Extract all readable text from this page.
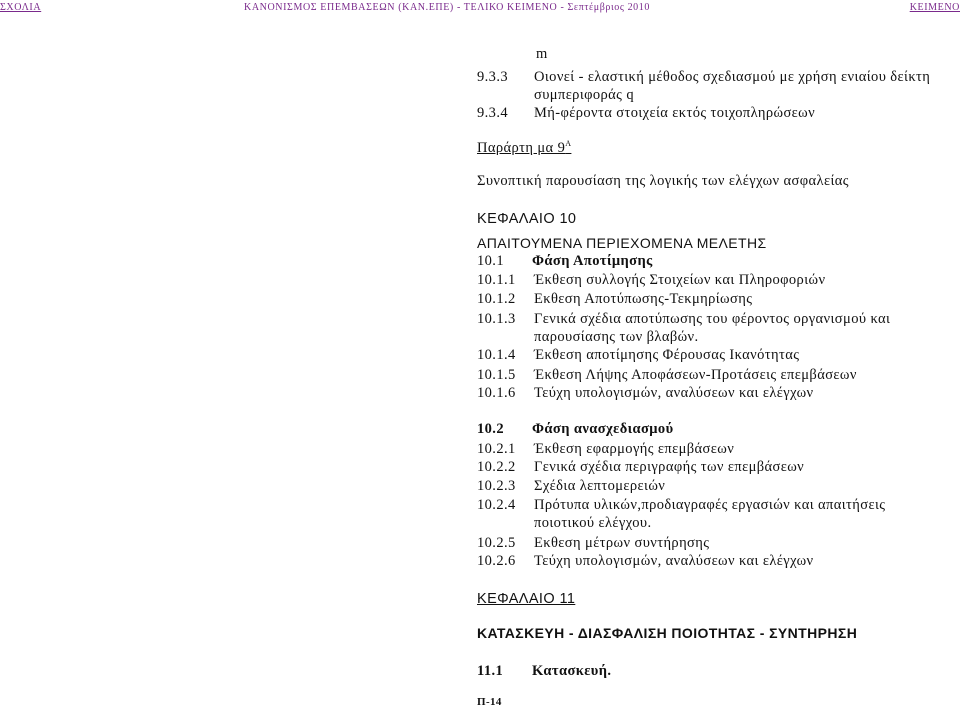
ΣΧΟΛΙΑ	ΚΑΝΟΝΙΣΜΟΣ ΕΠΕΜΒΑΣΕΩΝ (ΚΑΝ.ΕΠΕ) - ΤΕΛΙΚΟ ΚΕΙΜΕΝΟ - Σεπτέμβριος 2010	ΚΕΙΜΕΝΟ
m
9.3.3 Οιονεί - ελαστική μέθοδος σχεδιασμού με χρήση ενιαίου δείκτη
συμπεριφοράς q
9.3.4 Μή-φέροντα στοιχεία εκτός τοιχοπληρώσεων
Παράρτη μα $9^A$
Συνοπτική παρουσίαση της λογικής των ελέγχων ασφαλείας
ΚΕΦΑΛΑΙΟ 10
ΑΠΑΙΤΟΥΜΕΝΑ ΠΕΡΙΕΧΟΜΕΝΑ ΜΕΛΕΤΗΣ
10.1 Φάση Αποτίμησης
10.1.1 Έκθεση συλλογής Στοιχείων και Πληροφοριών
10.1.2 Εκθεση Αποτύπωσης-Τεκμηρίωσης
10.1.3 Γενικά σχέδια αποτύπωσης του φέροντος οργανισμού και
παρουσίασης των βλαβών.
10.1.4 Έκθεση αποτίμησης Φέρουσας Ικανότητας
10.1.5 Έκθεση Λήψης Αποφάσεων-Προτάσεις επεμβάσεων
10.1.6 Τεύχη υπολογισμών, αναλύσεων και ελέγχων
10.2 Φάση ανασχεδιασμού
10.2.1 Έκθεση εφαρμογής επεμβάσεων
10.2.2 Γενικά σχέδια περιγραφής των επεμβάσεων
10.2.3 Σχέδια λεπτομερειών
10.2.4 Πρότυπα υλικών,προδιαγραφές εργασιών και απαιτήσεις
ποιοτικού ελέγχου.
10.2.5 Εκθεση μέτρων συντήρησης
10.2.6 Τεύχη υπολογισμών, αναλύσεων και ελέγχων
ΚΕΦΑΛΑΙΟ 11
ΚΑΤΑΣΚΕΥΗ - ΔΙΑΣΦΑΛΙΣΗ ΠΟΙΟΤΗΤΑΣ - ΣΥΝΤΗΡΗΣΗ
11.1 Κατασκευή.
Π-14
